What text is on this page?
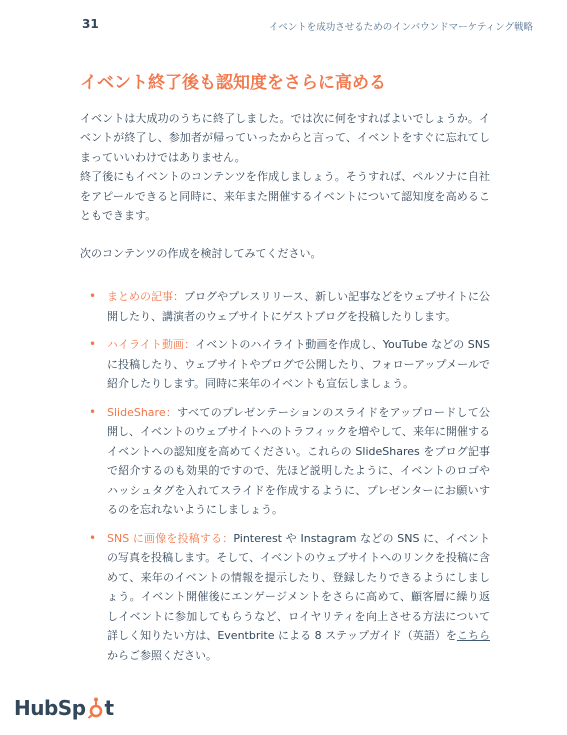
31	イベントを成功させるためのインバウンドマーケティング戦略
イベント終了後も認知度をさらに高める

イベントは大成功のうちに終了しました。では次に何をすればよいでしょうか。イベントが終了し、参加者が帰っていったからと言って、イベントをすぐに忘れてしまっていいわけではありません。

終了後にもイベントのコンテンツを作成しましょう。そうすれば、ペルソナに自社をアピールできると同時に、来年また開催するイベントについて認知度を高めることもできます。

次のコンテンツの作成を検討してみてください。

• まとめの記事：ブログやプレスリリース、新しい記事などをウェブサイトに公開したり、講演者のウェブサイトにゲストブログを投稿したりします。
• ハイライト動画：イベントのハイライト動画を作成し、YouTube などの SNS に投稿したり、ウェブサイトやブログで公開したり、フォローアップメールで紹介したりします。同時に来年のイベントも宣伝しましょう。
• SlideShare：すべてのプレゼンテーションのスライドをアップロードして公開し、イベントのウェブサイトへのトラフィックを増やして、来年に開催するイベントへの認知度を高めてください。これらの SlideShares をブログ記事で紹介するのも効果的ですので、先ほど説明したように、イベントのロゴやハッシュタグを入れてスライドを作成するように、プレゼンターにお願いするのを忘れないようにしましょう。
• SNS に画像を投稿する：Pinterest や Instagram などの SNS に、イベントの写真を投稿します。そして、イベントのウェブサイトへのリンクを投稿に含めて、来年のイベントの情報を提示したり、登録したりできるようにしましょう。イベント開催後にエンゲージメントをさらに高めて、顧客層に繰り返しイベントに参加してもらうなど、ロイヤリティを向上させる方法について詳しく知りたい方は、Eventbrite による 8 ステップガイド（英語）をこちらからご参照ください。
HubSp t
